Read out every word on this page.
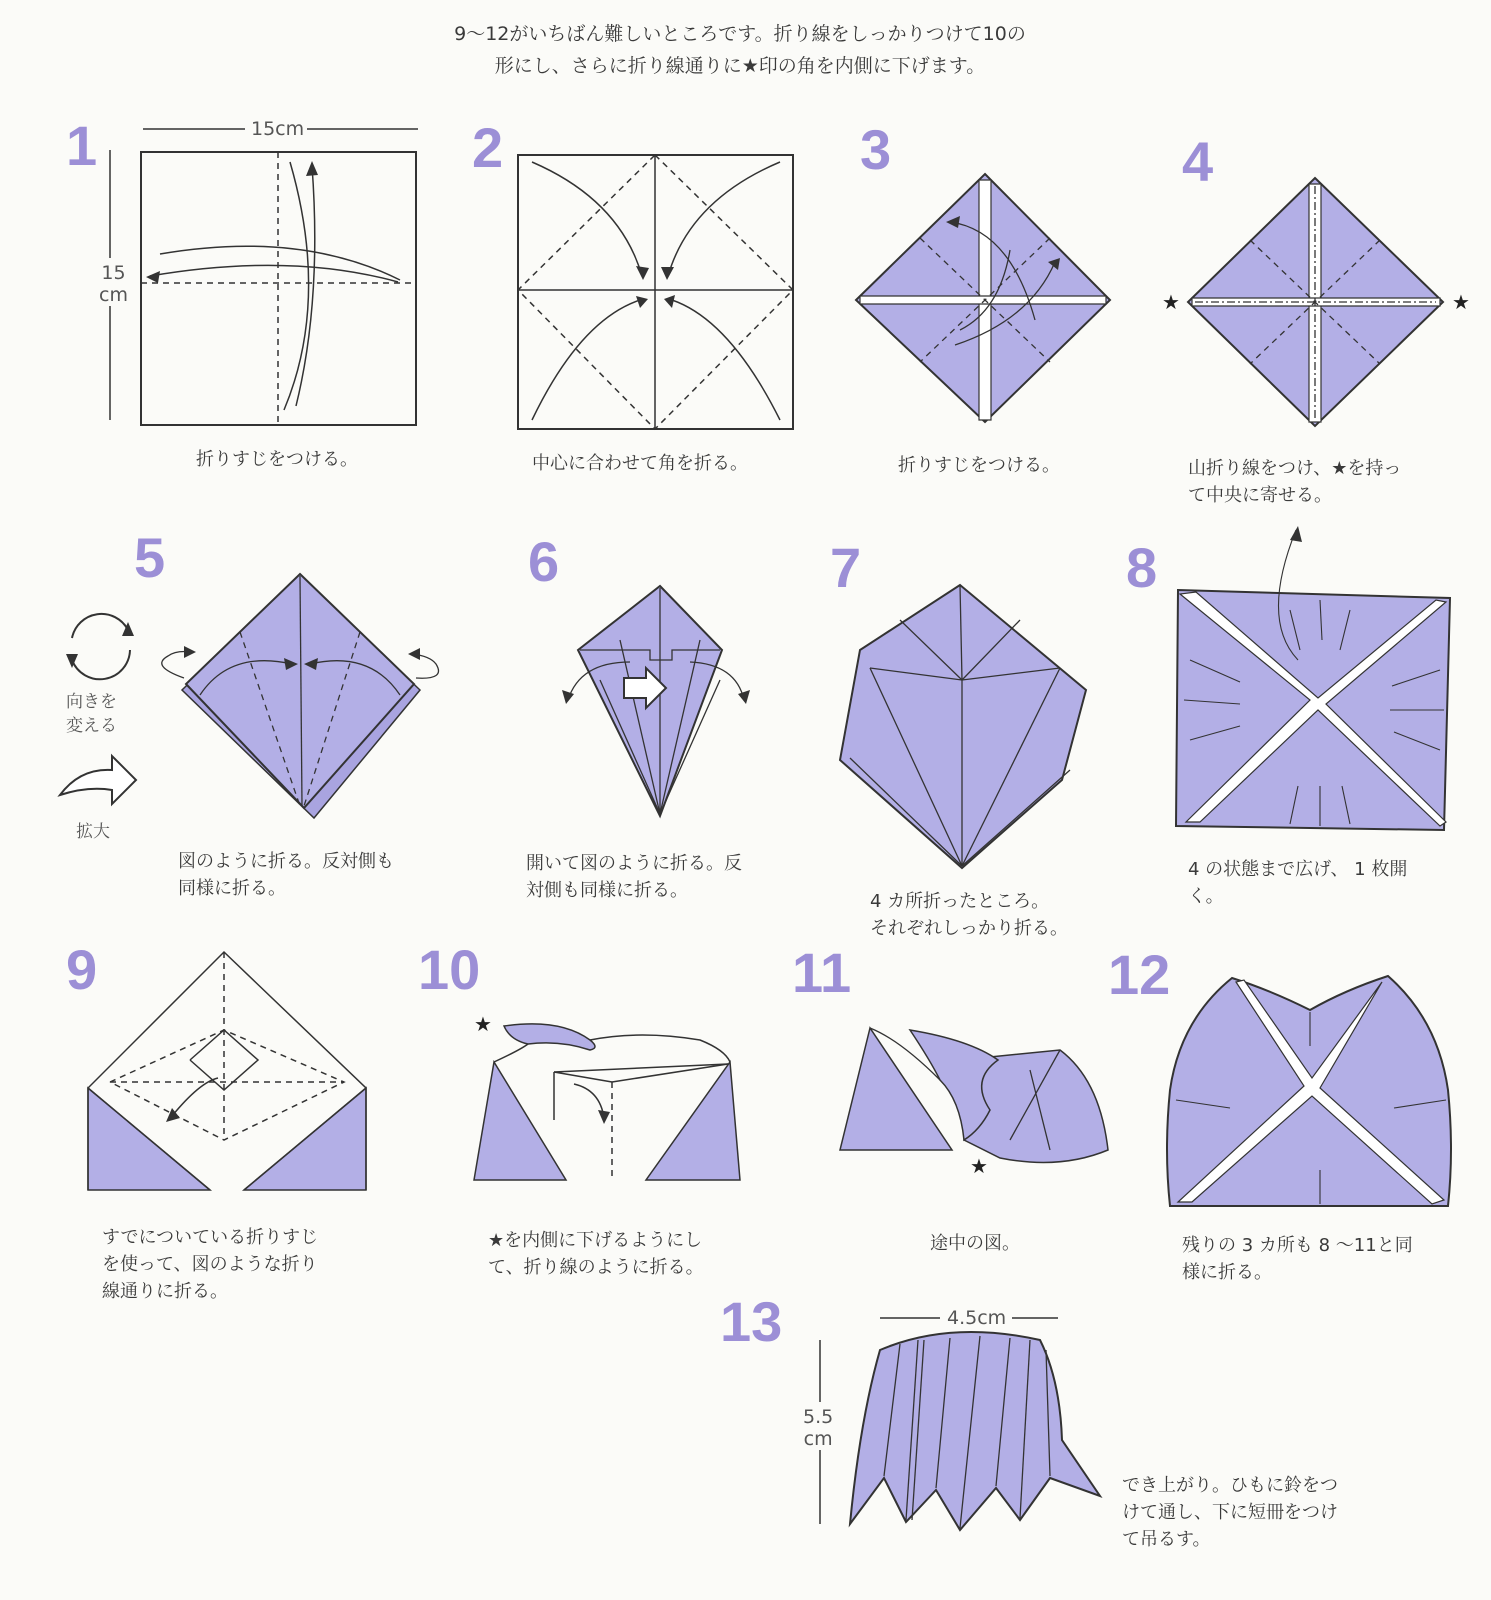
9〜12がいちばん難しいところです。折り線をしっかりつけて10の
形にし、さらに折り線通りに★印の角を内側に下げます。
1	15cm
15
cm
折りすじをつける。
2
中心に合わせて角を折る。
3
折りすじをつける。
4
★	★
山折り線をつけ、★を持っ
て中央に寄せる。
向きを
変える
拡大
5
図のように折る。反対側も
同様に折る。
6
開いて図のように折る。反
対側も同様に折る。
7
4 カ所折ったところ。
それぞれしっかり折る。
8
4 の状態まで広げ、 1 枚開
く。
9
すでについている折りすじ
を使って、図のような折り
線通りに折る。
10
★
★を内側に下げるようにし
て、折り線のように折る。
11
★
途中の図。
12
残りの 3 カ所も 8 〜11と同
様に折る。
13	4.5cm
5.5
cm
でき上がり。ひもに鈴をつ
けて通し、下に短冊をつけ
て吊るす。
